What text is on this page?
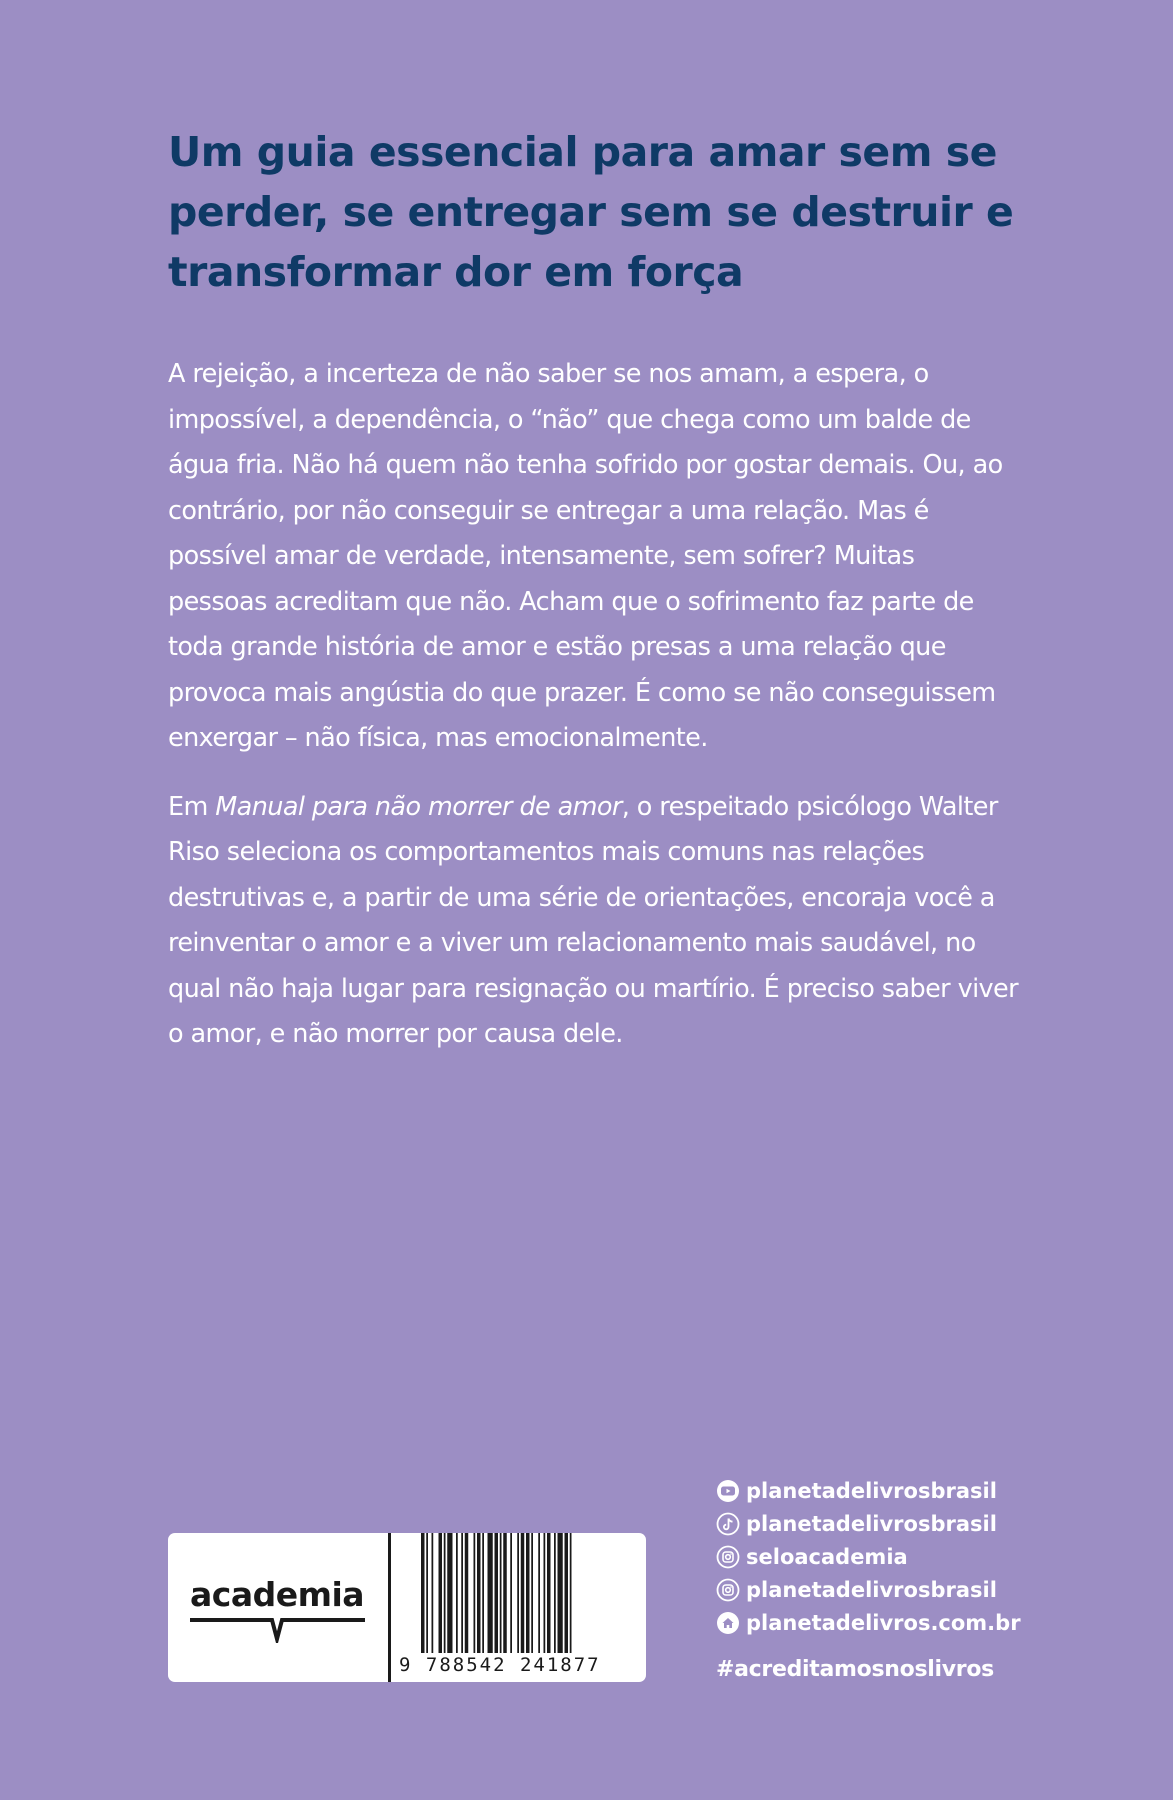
Um guia essencial para amar sem se perder, se entregar sem se destruir e transformar dor em força

A rejeição, a incerteza de não saber se nos amam, a espera, o impossível, a dependência, o “não” que chega como um balde de água fria. Não há quem não tenha sofrido por gostar demais. Ou, ao contrário, por não conseguir se entregar a uma relação. Mas é possível amar de verdade, intensamente, sem sofrer? Muitas pessoas acreditam que não. Acham que o sofrimento faz parte de toda grande história de amor e estão presas a uma relação que provoca mais angústia do que prazer. É como se não conseguissem enxergar – não física, mas emocionalmente.

Em Manual para não morrer de amor, o respeitado psicólogo Walter Riso seleciona os comportamentos mais comuns nas relações destrutivas e, a partir de uma série de orientações, encoraja você a reinventar o amor e a viver um relacionamento mais saudável, no qual não haja lugar para resignação ou martírio. É preciso saber viver o amor, e não morrer por causa dele.

academia
9 788542 241877
planetadelivrosbrasil
planetadelivrosbrasil
seloacademia
planetadelivrosbrasil
planetadelivros.com.br
#acreditamosnoslivros
